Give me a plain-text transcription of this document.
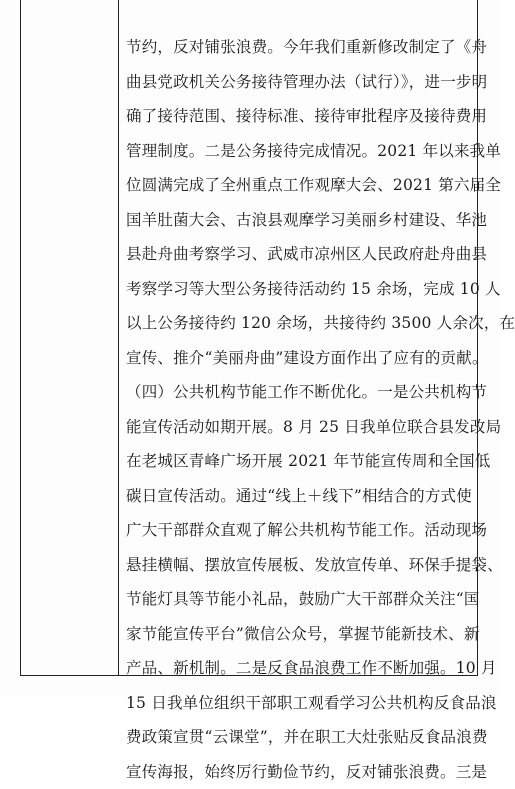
节约，反对铺张浪费。今年我们重新修改制定了《舟
曲县党政机关公务接待管理办法（试行）》，进一步明
确了接待范围、接待标准、接待审批程序及接待费用
管理制度。二是公务接待完成情况。2021 年以来我单
位圆满完成了全州重点工作观摩大会、2021 第六届全
国羊肚菌大会、古浪县观摩学习美丽乡村建设、华池
县赴舟曲考察学习、武威市凉州区人民政府赴舟曲县
考察学习等大型公务接待活动约 15 余场，完成 10 人
以上公务接待约 120 余场，共接待约 3500 人余次，在
宣传、推介“美丽舟曲”建设方面作出了应有的贡献。
（四）公共机构节能工作不断优化。一是公共机构节
能宣传活动如期开展。8 月 25 日我单位联合县发改局
在老城区青峰广场开展 2021 年节能宣传周和全国低
碳日宣传活动。通过“线上＋线下”相结合的方式使
广大干部群众直观了解公共机构节能工作。活动现场
悬挂横幅、摆放宣传展板、发放宣传单、环保手提袋、
节能灯具等节能小礼品，鼓励广大干部群众关注“国
家节能宣传平台”微信公众号，掌握节能新技术、新
产品、新机制。二是反食品浪费工作不断加强。10 月
15 日我单位组织干部职工观看学习公共机构反食品浪
费政策宣贯“云课堂”，并在职工大灶张贴反食品浪费
宣传海报，始终厉行勤俭节约，反对铺张浪费。三是
